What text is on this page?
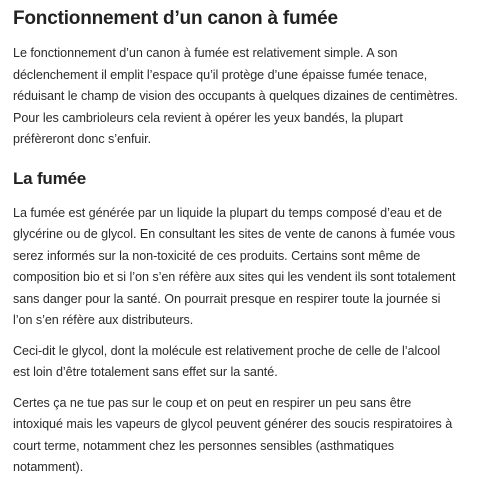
Fonctionnement d’un canon à fumée

Le fonctionnement d’un canon à fumée est relativement simple. A son
déclenchement il emplit l’espace qu’il protège d’une épaisse fumée tenace,
réduisant le champ de vision des occupants à quelques dizaines de centimètres.
Pour les cambrioleurs cela revient à opérer les yeux bandés, la plupart
préfèreront donc s’enfuir.

La fumée

La fumée est générée par un liquide la plupart du temps composé d’eau et de
glycérine ou de glycol. En consultant les sites de vente de canons à fumée vous
serez informés sur la non-toxicité de ces produits. Certains sont même de
composition bio et si l’on s’en réfère aux sites qui les vendent ils sont totalement
sans danger pour la santé. On pourrait presque en respirer toute la journée si
l’on s’en réfère aux distributeurs.

Ceci-dit le glycol, dont la molécule est relativement proche de celle de l’alcool
est loin d’être totalement sans effet sur la santé.

Certes ça ne tue pas sur le coup et on peut en respirer un peu sans être
intoxiqué mais les vapeurs de glycol peuvent générer des soucis respiratoires à
court terme, notamment chez les personnes sensibles (asthmatiques
notamment).
